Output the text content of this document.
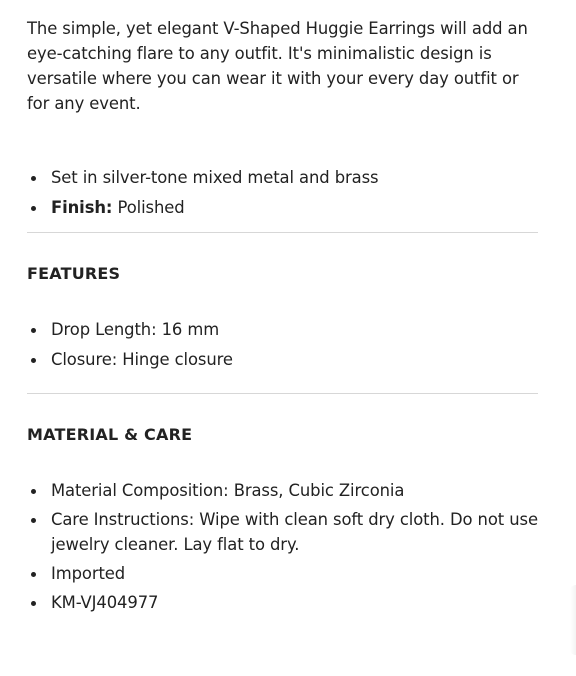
The simple, yet elegant V-Shaped Huggie Earrings will add an eye-catching flare to any outfit. It's minimalistic design is versatile where you can wear it with your every day outfit or for any event.

Set in silver-tone mixed metal and brass
Finish: Polished
FEATURES
Drop Length: 16 mm
Closure: Hinge closure
MATERIAL & CARE
Material Composition: Brass, Cubic Zirconia
Care Instructions: Wipe with clean soft dry cloth. Do not use jewelry cleaner. Lay flat to dry.
Imported
KM-VJ404977
